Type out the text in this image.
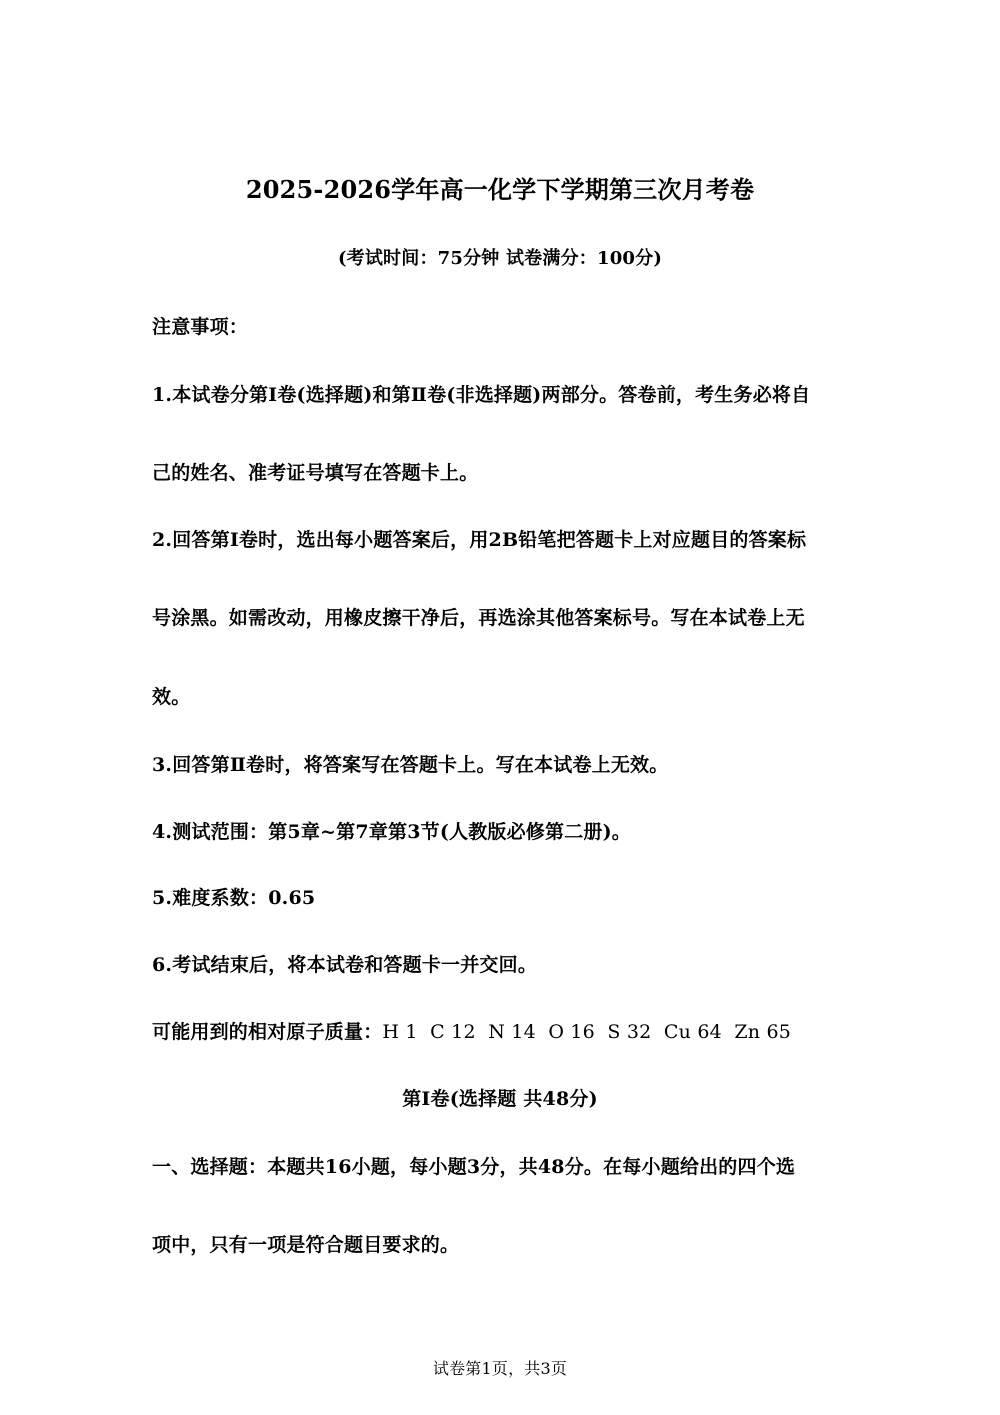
2025-2026学年高一化学下学期第三次月考卷
(考试时间：75分钟 试卷满分：100分)
注意事项：
1.本试卷分第Ⅰ卷(选择题)和第Ⅱ卷(非选择题)两部分。答卷前，考生务必将自
己的姓名、准考证号填写在答题卡上。
2.回答第Ⅰ卷时，选出每小题答案后，用2B铅笔把答题卡上对应题目的答案标
号涂黑。如需改动，用橡皮擦干净后，再选涂其他答案标号。写在本试卷上无
效。
3.回答第Ⅱ卷时，将答案写在答题卡上。写在本试卷上无效。
4.测试范围：第5章~第7章第3节(人教版必修第二册)。
5.难度系数：0.65
6.考试结束后，将本试卷和答题卡一并交回。
可能用到的相对原子质量：H 1  C 12  N 14  O 16  S 32  Cu 64  Zn 65
第Ⅰ卷(选择题 共48分)
一、选择题：本题共16小题，每小题3分，共48分。在每小题给出的四个选
项中，只有一项是符合题目要求的。
试卷第1页，共3页
